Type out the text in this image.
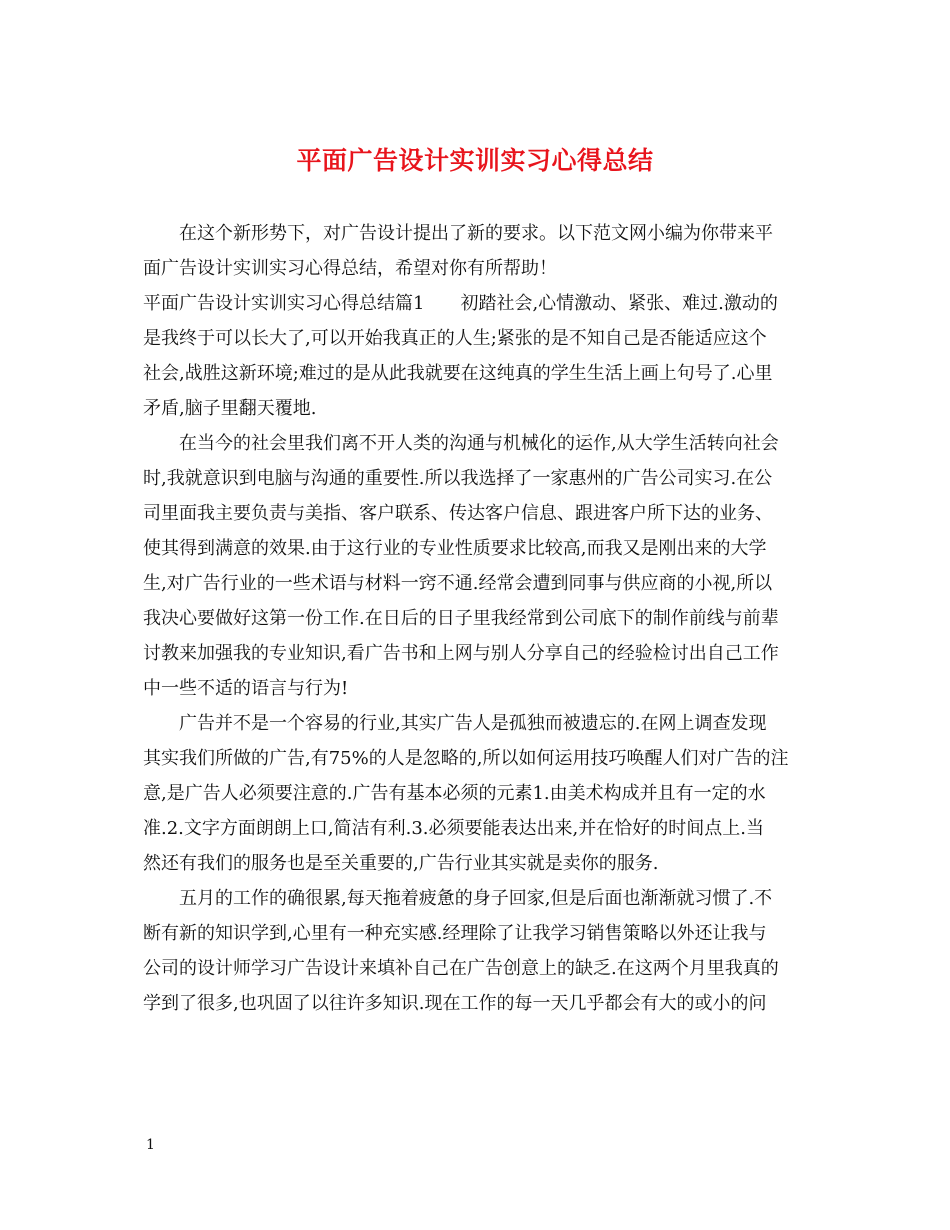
平面广告设计实训实习心得总结
在这个新形势下，对广告设计提出了新的要求。以下范文网小编为你带来平
面广告设计实训实习心得总结，希望对你有所帮助！
平面广告设计实训实习心得总结篇1　　初踏社会,心情激动、紧张、难过.激动的
是我终于可以长大了,可以开始我真正的人生;紧张的是不知自己是否能适应这个
社会,战胜这新环境;难过的是从此我就要在这纯真的学生生活上画上句号了.心里
矛盾,脑子里翻天覆地.
在当今的社会里我们离不开人类的沟通与机械化的运作,从大学生活转向社会
时,我就意识到电脑与沟通的重要性.所以我选择了一家惠州的广告公司实习.在公
司里面我主要负责与美指、客户联系、传达客户信息、跟进客户所下达的业务、
使其得到满意的效果.由于这行业的专业性质要求比较高,而我又是刚出来的大学
生,对广告行业的一些术语与材料一窍不通.经常会遭到同事与供应商的小视,所以
我决心要做好这第一份工作.在日后的日子里我经常到公司底下的制作前线与前辈
讨教来加强我的专业知识,看广告书和上网与别人分享自己的经验检讨出自己工作
中一些不适的语言与行为!
广告并不是一个容易的行业,其实广告人是孤独而被遗忘的.在网上调查发现
其实我们所做的广告,有75%的人是忽略的,所以如何运用技巧唤醒人们对广告的注
意,是广告人必须要注意的.广告有基本必须的元素1.由美术构成并且有一定的水
准.2.文字方面朗朗上口,简洁有利.3.必须要能表达出来,并在恰好的时间点上.当
然还有我们的服务也是至关重要的,广告行业其实就是卖你的服务.
五月的工作的确很累,每天拖着疲惫的身子回家,但是后面也渐渐就习惯了.不
断有新的知识学到,心里有一种充实感.经理除了让我学习销售策略以外还让我与
公司的设计师学习广告设计来填补自己在广告创意上的缺乏.在这两个月里我真的
学到了很多,也巩固了以往许多知识.现在工作的每一天几乎都会有大的或小的问
1
